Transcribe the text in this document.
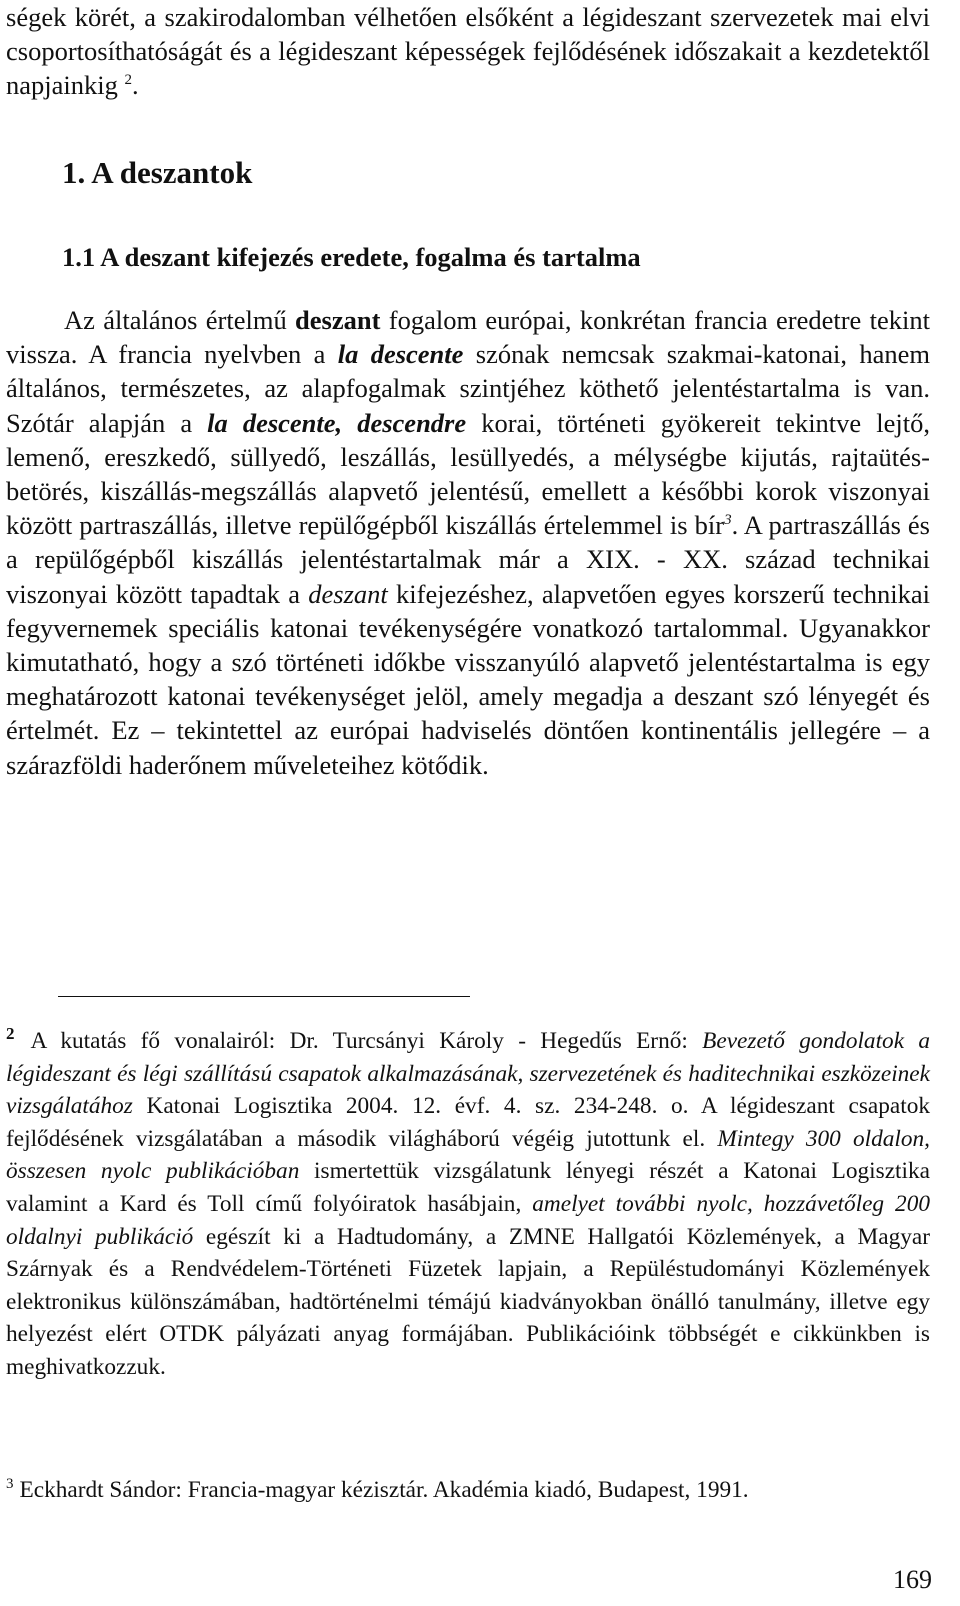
ségek körét, a szakirodalomban vélhetően elsőként a légideszant szervezetek mai elvi csoportosíthatóságát és a légideszant képességek fejlődésének időszakait a kezdetektől napjainkig $^2$.

1. A deszantok
1.1 A deszant kifejezés eredete, fogalma és tartalma

Az általános értelmű deszant fogalom európai, konkrétan francia eredetre tekint vissza. A francia nyelvben a la descente szónak nemcsak szakmai-katonai, hanem általános, természetes, az alapfogalmak szintjéhez köthető jelentéstartalma is van. Szótár alapján a la descente, descendre korai, történeti gyökereit tekintve lejtő, lemenő, ereszkedő, süllyedő, leszállás, lesüllyedés, a mélységbe kijutás, rajtaütés-betörés, kiszállás-megszállás alapvető jelentésű, emellett a későbbi korok viszonyai között partraszállás, illetve repülőgépből kiszállás értelemmel is bír$^3$. A partraszállás és a repülőgépből kiszállás jelentéstartalmak már a XIX. - XX. század technikai viszonyai között tapadtak a deszant kifejezéshez, alapvetően egyes korszerű technikai fegyvernemek speciális katonai tevékenységére vonatkozó tartalommal. Ugyanakkor kimutatható, hogy a szó történeti időkbe visszanyúló alapvető jelentéstartalma is egy meghatározott katonai tevékenységet jelöl, amely megadja a deszant szó lényegét és értelmét. Ez – tekintettel az európai hadviselés döntően kontinentális jellegére – a szárazföldi haderőnem műveleteihez kötődik.

$^2$ A kutatás fő vonalairól: Dr. Turcsányi Károly - Hegedűs Ernő: Bevezető gondolatok a légideszant és légi szállítású csapatok alkalmazásának, szervezetének és haditechnikai eszközeinek vizsgálatához Katonai Logisztika 2004. 12. évf. 4. sz. 234-248. o. A légideszant csapatok fejlődésének vizsgálatában a második világháború végéig jutottunk el. Mintegy 300 oldalon, összesen nyolc publikációban ismertettük vizsgálatunk lényegi részét a Katonai Logisztika valamint a Kard és Toll című folyóiratok hasábjain, amelyet további nyolc, hozzávetőleg 200 oldalnyi publikáció egészít ki a Hadtudomány, a ZMNE Hallgatói Közlemények, a Magyar Szárnyak és a Rendvédelem-Történeti Füzetek lapjain, a Repüléstudományi Közlemények elektronikus különszámában, hadtörténelmi témájú kiadványokban önálló tanulmány, illetve egy helyezést elért OTDK pályázati anyag formájában. Publikációink többségét e cikkünkben is meghivatkozzuk.

$^3$ Eckhardt Sándor: Francia-magyar kézisztár. Akadémia kiadó, Budapest, 1991.

169
